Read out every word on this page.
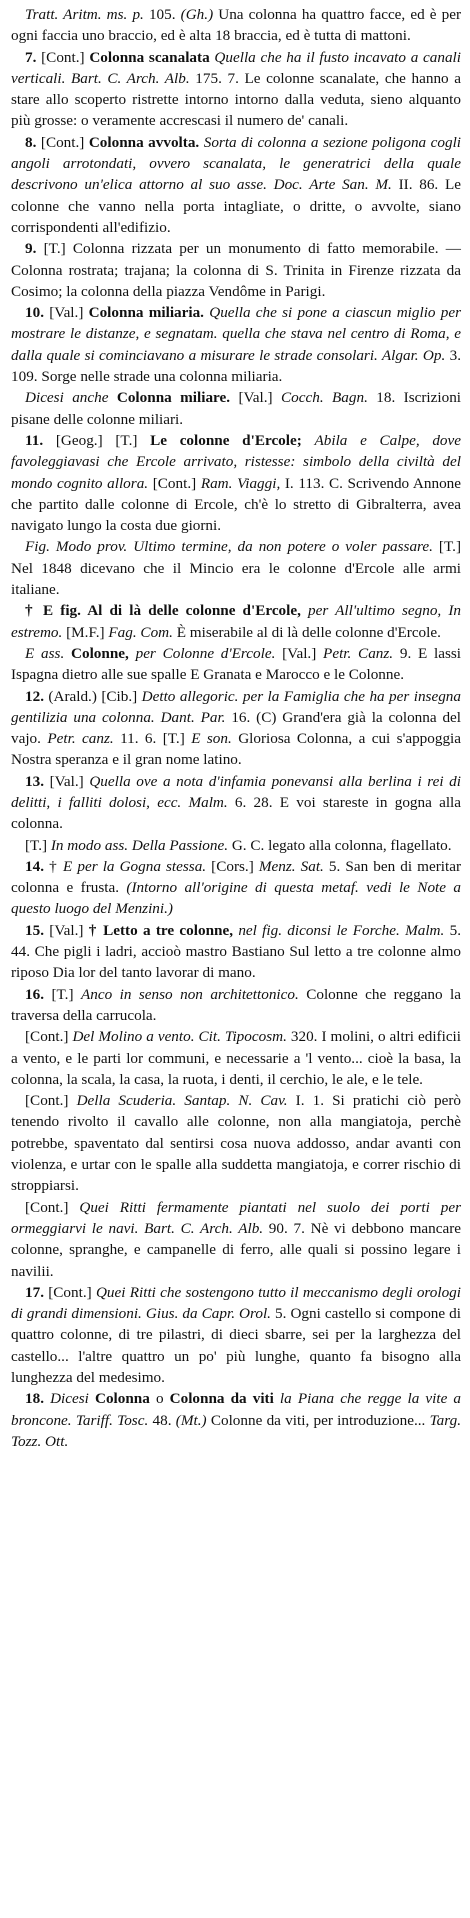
Tratt. Aritm. ms. p. 105. (Gh.) Una colonna ha quattro facce, ed è per ogni faccia uno braccio, ed è alta 18 braccia, ed è tutta di mattoni.

7. [Cont.] Colonna scanalata Quella che ha il fusto incavato a canali verticali. Bart. C. Arch. Alb. 175. 7. Le colonne scanalate, che hanno a stare allo scoperto ristrette intorno intorno dalla veduta, sieno alquanto più grosse: o veramente accrescasi il numero de' canali.

8. [Cont.] Colonna avvolta. Sorta di colonna a sezione poligona cogli angoli arrotondati, ovvero scanalata, le generatrici della quale descrivono un'elica attorno al suo asse. Doc. Arte San. M. II. 86. Le colonne che vanno nella porta intagliate, o dritte, o avvolte, siano corrispondenti all'edifizio.

9. [T.] Colonna rizzata per un monumento di fatto memorabile. — Colonna rostrata; trajana; la colonna di S. Trinita in Firenze rizzata da Cosimo; la colonna della piazza Vendôme in Parigi.

10. [Val.] Colonna miliaria. Quella che si pone a ciascun miglio per mostrare le distanze, e segnatam. quella che stava nel centro di Roma, e dalla quale si cominciavano a misurare le strade consolari. Algar. Op. 3. 109. Sorge nelle strade una colonna miliaria.

Dicesi anche Colonna miliare. [Val.] Cocch. Bagn. 18. Iscrizioni pisane delle colonne miliari.

11. [Geog.] [T.] Le colonne d'Ercole; Abila e Calpe, dove favoleggiavasi che Ercole arrivato, ristesse: simbolo della civiltà del mondo cognito allora. [Cont.] Ram. Viaggi, I. 113. C. Scrivendo Annone che partito dalle colonne di Ercole, ch'è lo stretto di Gibralterra, avea navigato lungo la costa due giorni.

Fig. Modo prov. Ultimo termine, da non potere o voler passare. [T.] Nel 1848 dicevano che il Mincio era le colonne d'Ercole alle armi italiane.

† E fig. Al di là delle colonne d'Ercole, per All'ultimo segno, In estremo. [M.F.] Fag. Com. È miserabile al di là delle colonne d'Ercole.

E ass. Colonne, per Colonne d'Ercole. [Val.] Petr. Canz. 9. E lassi Ispagna dietro alle sue spalle E Granata e Marocco e le Colonne.

12. (Arald.) [Cib.] Detto allegoric. per la Famiglia che ha per insegna gentilizia una colonna. Dant. Par. 16. (C) Grand'era già la colonna del vajo. Petr. canz. 11. 6. [T.] E son. Gloriosa Colonna, a cui s'appoggia Nostra speranza e il gran nome latino.

13. [Val.] Quella ove a nota d'infamia ponevansi alla berlina i rei di delitti, i falliti dolosi, ecc. Malm. 6. 28. E voi stareste in gogna alla colonna.

[T.] In modo ass. Della Passione. G. C. legato alla colonna, flagellato.

14. † E per la Gogna stessa. [Cors.] Menz. Sat. 5. San ben di meritar colonna e frusta. (Intorno all'origine di questa metaf. vedi le Note a questo luogo del Menzini.)

15. [Val.] † Letto a tre colonne, nel fig. diconsi le Forche. Malm. 5. 44. Che pigli i ladri, accioò mastro Bastiano Sul letto a tre colonne almo riposo Dia lor del tanto lavorar di mano.

16. [T.] Anco in senso non architettonico. Colonne che reggano la traversa della carrucola.

[Cont.] Del Molino a vento. Cit. Tipocosm. 320. I molini, o altri edificii a vento, e le parti lor communi, e necessarie a 'l vento... cioè la basa, la colonna, la scala, la casa, la ruota, i denti, il cerchio, le ale, e le tele.

[Cont.] Della Scuderia. Santap. N. Cav. I. 1. Si pratichi ciò però tenendo rivolto il cavallo alle colonne, non alla mangiatoja, perchè potrebbe, spaventato dal sentirsi cosa nuova addosso, andar avanti con violenza, e urtar con le spalle alla suddetta mangiatoja, e correr rischio di stroppiarsi.

[Cont.] Quei Ritti fermamente piantati nel suolo dei porti per ormeggiarvi le navi. Bart. C. Arch. Alb. 90. 7. Nè vi debbono mancare colonne, spranghe, e campanelle di ferro, alle quali si possino legare i navilii.

17. [Cont.] Quei Ritti che sostengono tutto il meccanismo degli orologi di grandi dimensioni. Gius. da Capr. Orol. 5. Ogni castello si compone di quattro colonne, di tre pilastri, di dieci sbarre, sei per la larghezza del castello... l'altre quattro un po' più lunghe, quanto fa bisogno alla lunghezza del medesimo.

18. Dicesi Colonna o Colonna da viti la Piana che regge la vite a broncone. Tariff. Tosc. 48. (Mt.) Colonne da viti, per introduzione... Targ. Tozz. Ott.
